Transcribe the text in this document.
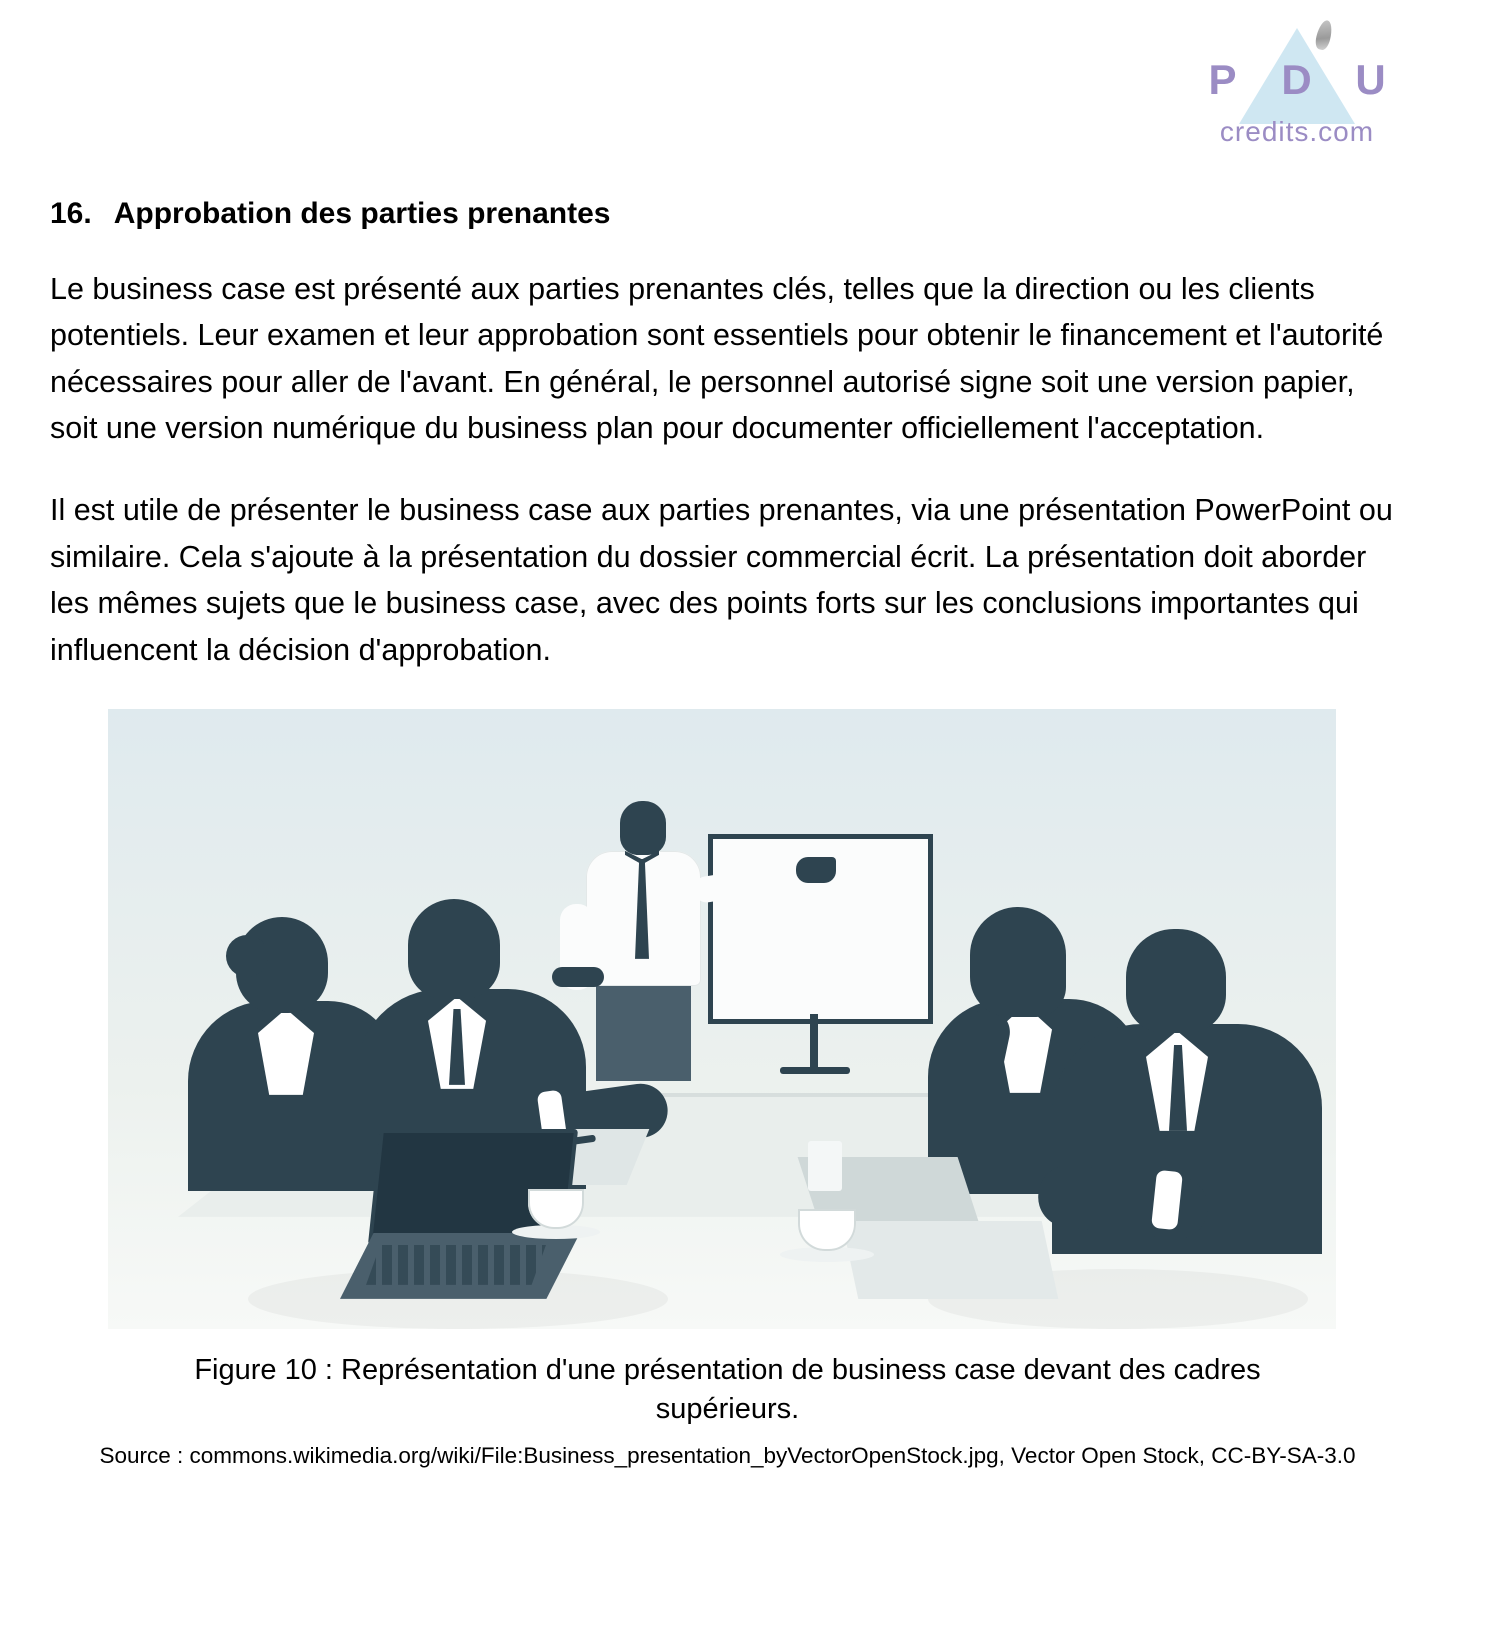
P D U
credits.com
16. Approbation des parties prenantes

Le business case est présenté aux parties prenantes clés, telles que la direction ou les clients potentiels. Leur examen et leur approbation sont essentiels pour obtenir le financement et l'autorité nécessaires pour aller de l'avant. En général, le personnel autorisé signe soit une version papier, soit une version numérique du business plan pour documenter officiellement l'acceptation.

Il est utile de présenter le business case aux parties prenantes, via une présentation PowerPoint ou similaire. Cela s'ajoute à la présentation du dossier commercial écrit. La présentation doit aborder les mêmes sujets que le business case, avec des points forts sur les conclusions importantes qui influencent la décision d'approbation.

Figure 10 : Représentation d'une présentation de business case devant des cadres supérieurs.
Source : commons.wikimedia.org/wiki/File:Business_presentation_byVectorOpenStock.jpg, Vector Open Stock, CC-BY-SA-3.0
